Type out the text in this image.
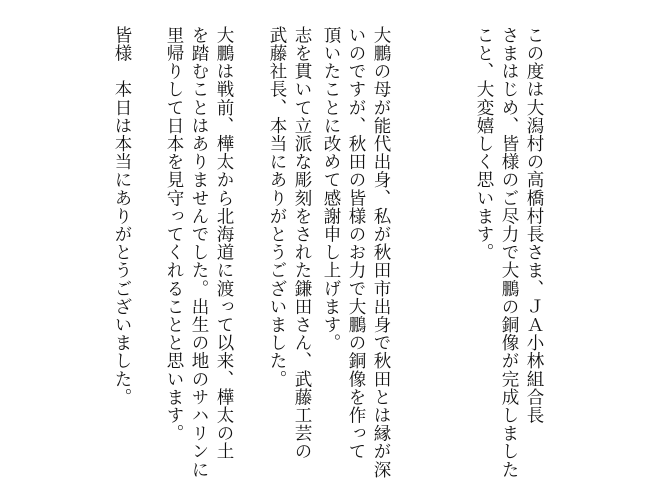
この度は大潟村の高橋村長さま、ＪＡ小林組合長
さまはじめ、皆様のご尽力で大鵬の銅像が完成しました
こと、大変嬉しく思います。
大鵬の母が能代出身、私が秋田市出身で秋田とは縁が深
いのですが、秋田の皆様のお力で大鵬の銅像を作って
頂いたことに改めて感謝申し上げます。
志を貫いて立派な彫刻をされた鎌田さん、武藤工芸の
武藤社長、本当にありがとうございました。
大鵬は戦前、樺太から北海道に渡って以来、樺太の土
を踏むことはありませんでした。出生の地のサハリンに
里帰りして日本を見守ってくれることと思います。
皆様　本日は本当にありがとうございました。
